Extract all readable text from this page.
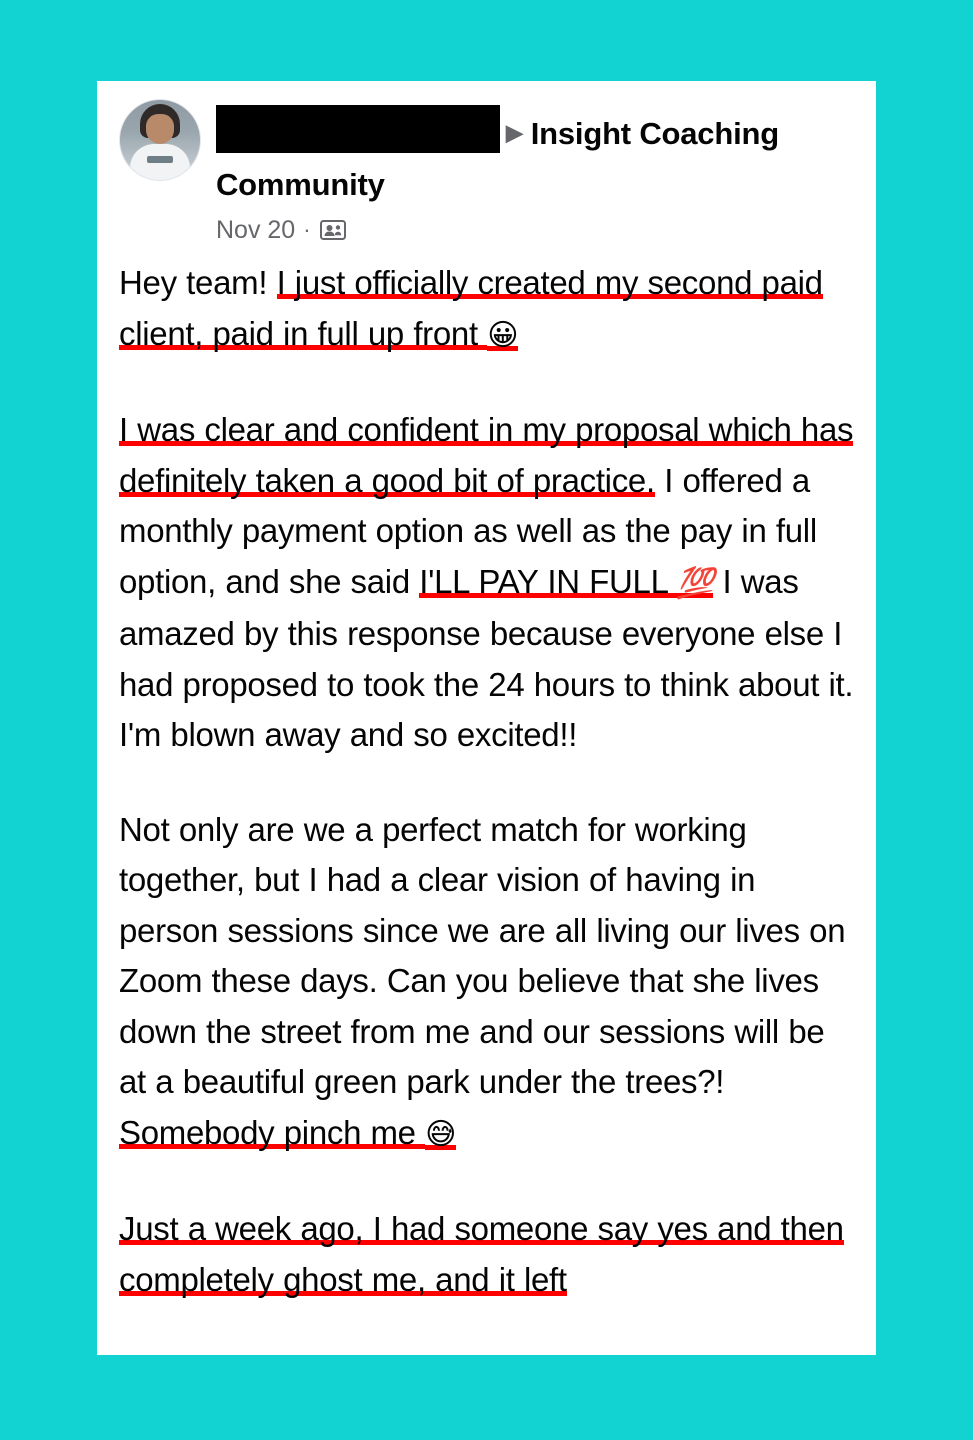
▶ Insight Coaching Community
Nov 20 ·

Hey team! I just officially created my second paid client, paid in full up front 😀

I was clear and confident in my proposal which has definitely taken a good bit of practice. I offered a monthly payment option as well as the pay in full option, and she said I'LL PAY IN FULL 💯 I was amazed by this response because everyone else I had proposed to took the 24 hours to think about it. I'm blown away and so excited!!

Not only are we a perfect match for working together, but I had a clear vision of having in person sessions since we are all living our lives on Zoom these days. Can you believe that she lives down the street from me and our sessions will be at a beautiful green park under the trees?! Somebody pinch me 😅

Just a week ago, I had someone say yes and then completely ghost me, and it left
